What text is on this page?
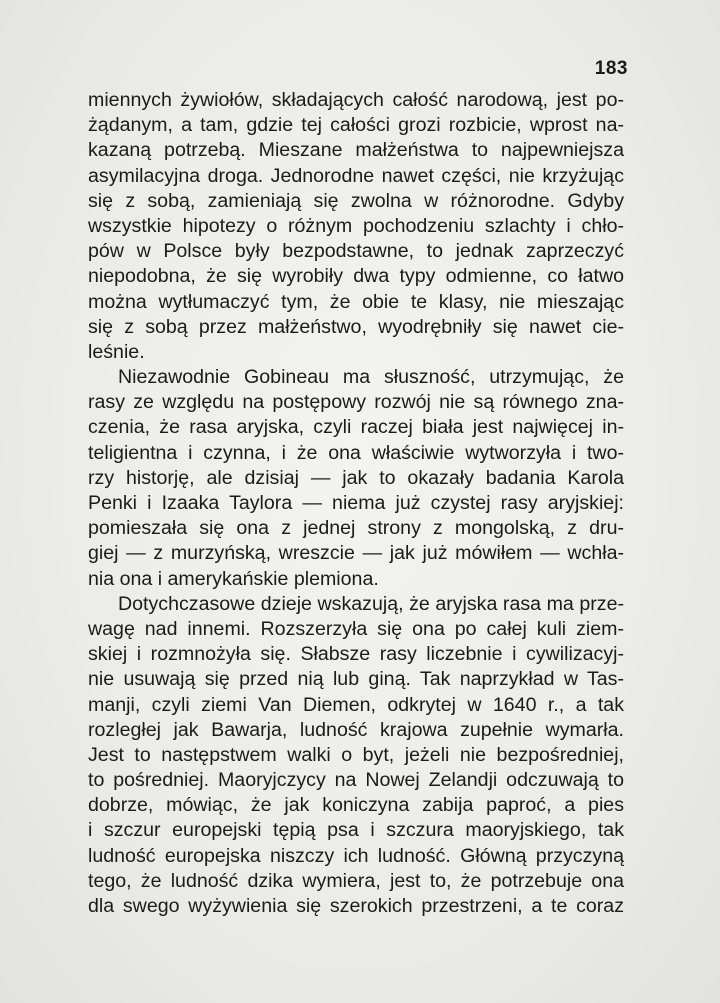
183
miennych żywiołów, składających całość narodową, jest po-
żądanym, a tam, gdzie tej całości grozi rozbicie, wprost na-
kazaną potrzebą. Mieszane małżeństwa to najpewniejsza
asymilacyjna droga. Jednorodne nawet części, nie krzyżując
się z sobą, zamieniają się zwolna w różnorodne. Gdyby
wszystkie hipotezy o różnym pochodzeniu szlachty i chło-
pów w Polsce były bezpodstawne, to jednak zaprzeczyć
niepodobna, że się wyrobiły dwa typy odmienne, co łatwo
można wytłumaczyć tym, że obie te klasy, nie mieszając
się z sobą przez małżeństwo, wyodrębniły się nawet cie-
leśnie.
Niezawodnie Gobineau ma słuszność, utrzymując, że
rasy ze względu na postępowy rozwój nie są równego zna-
czenia, że rasa aryjska, czyli raczej biała jest najwięcej in-
teligientna i czynna, i że ona właściwie wytworzyła i two-
rzy historję, ale dzisiaj — jak to okazały badania Karola
Penki i Izaaka Taylora — niema już czystej rasy aryjskiej:
pomieszała się ona z jednej strony z mongolską, z dru-
giej — z murzyńską, wreszcie — jak już mówiłem — wchła-
nia ona i amerykańskie plemiona.
Dotychczasowe dzieje wskazują, że aryjska rasa ma prze-
wagę nad innemi. Rozszerzyła się ona po całej kuli ziem-
skiej i rozmnożyła się. Słabsze rasy liczebnie i cywilizacyj-
nie usuwają się przed nią lub giną. Tak naprzykład w Tas-
manji, czyli ziemi Van Diemen, odkrytej w 1640 r., a tak
rozległej jak Bawarja, ludność krajowa zupełnie wymarła.
Jest to następstwem walki o byt, jeżeli nie bezpośredniej,
to pośredniej. Maoryjczycy na Nowej Zelandji odczuwają to
dobrze, mówiąc, że jak koniczyna zabija paproć, a pies
i szczur europejski tępią psa i szczura maoryjskiego, tak
ludność europejska niszczy ich ludność. Główną przyczyną
tego, że ludność dzika wymiera, jest to, że potrzebuje ona
dla swego wyżywienia się szerokich przestrzeni, a te coraz
